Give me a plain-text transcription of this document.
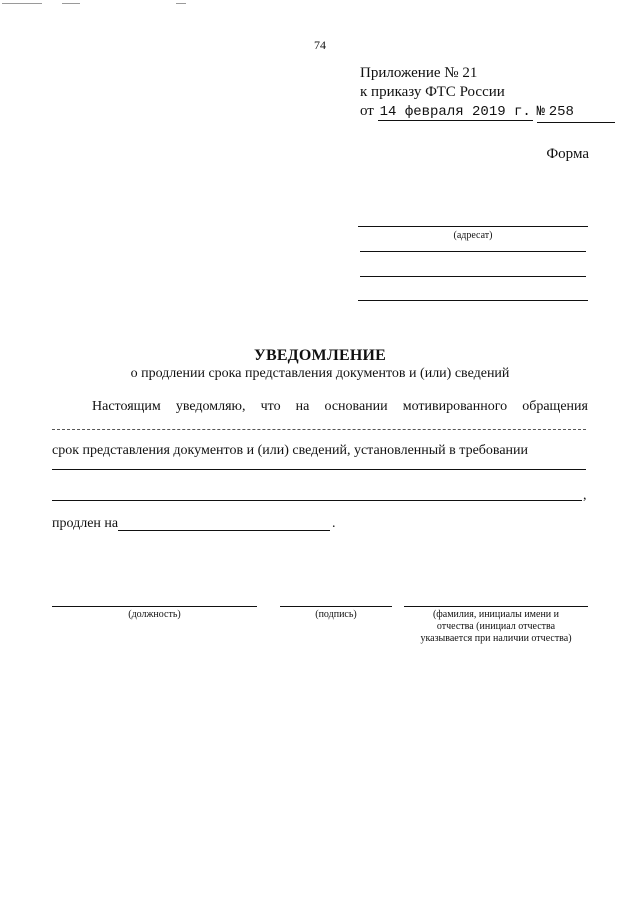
74
Приложение № 21
к приказу ФТС России
от 14 февраля 2019 г. № 258
Форма
(адресат)
УВЕДОМЛЕНИЕ
о продлении срока представления документов и (или) сведений
Настоящим уведомляю, что на основании мотивированного обращения
срок представления документов и (или) сведений, установленный в требовании
,
продлен на	.
(должность)	(подпись)	(фамилия, инициалы имени и
отчества (инициал отчества
указывается при наличии отчества)
